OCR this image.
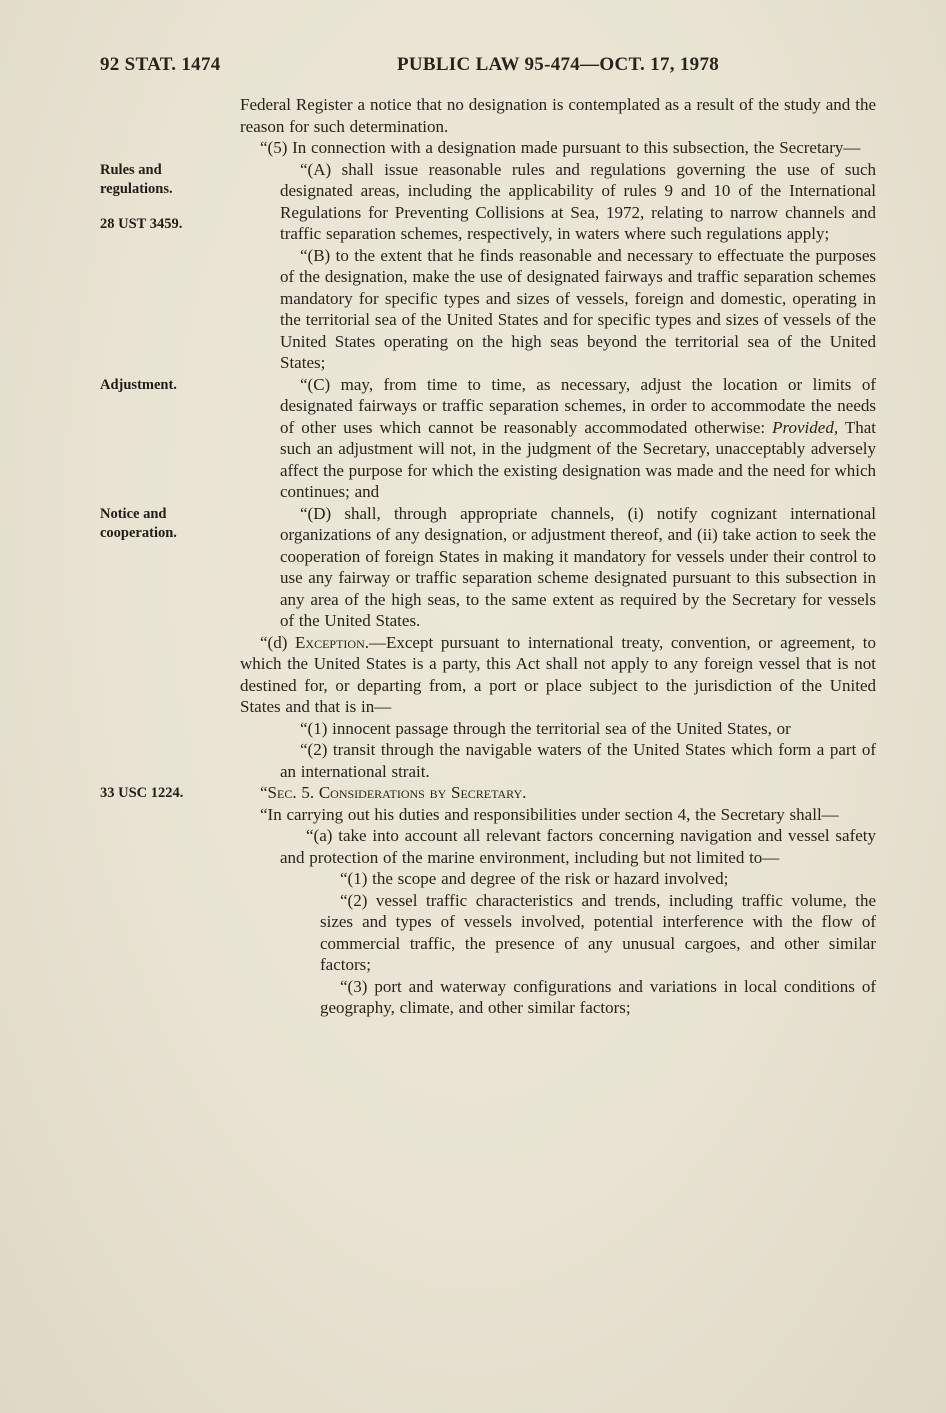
92 STAT. 1474	PUBLIC LAW 95-474—OCT. 17, 1978

Federal Register a notice that no designation is contemplated as a result of the study and the reason for such determination.

“(5) In connection with a designation made pursuant to this subsection, the Secretary—

Rules and regulations.

28 UST 3459.

“(A) shall issue reasonable rules and regulations governing the use of such designated areas, including the applicability of rules 9 and 10 of the International Regulations for Preventing Collisions at Sea, 1972, relating to narrow channels and traffic separation schemes, respectively, in waters where such regulations apply;

“(B) to the extent that he finds reasonable and necessary to effectuate the purposes of the designation, make the use of designated fairways and traffic separation schemes mandatory for specific types and sizes of vessels, foreign and domestic, operating in the territorial sea of the United States and for specific types and sizes of vessels of the United States operating on the high seas beyond the territorial sea of the United States;

Adjustment.	“(C) may, from time to time, as necessary, adjust the location or limits of designated fairways or traffic separation schemes, in order to accommodate the needs of other uses which cannot be reasonably accommodated otherwise: Provided, That such an adjustment will not, in the judgment of the Secretary, unacceptably adversely affect the purpose for which the existing designation was made and the need for which continues; and

Notice and cooperation.

“(D) shall, through appropriate channels, (i) notify cognizant international organizations of any designation, or adjustment thereof, and (ii) take action to seek the cooperation of foreign States in making it mandatory for vessels under their control to use any fairway or traffic separation scheme designated pursuant to this subsection in any area of the high seas, to the same extent as required by the Secretary for vessels of the United States.

“(d) Exception.—Except pursuant to international treaty, convention, or agreement, to which the United States is a party, this Act shall not apply to any foreign vessel that is not destined for, or departing from, a port or place subject to the jurisdiction of the United States and that is in—

“(1) innocent passage through the territorial sea of the United States, or

“(2) transit through the navigable waters of the United States which form a part of an international strait.

33 USC 1224.	“Sec. 5. Considerations by Secretary.

“In carrying out his duties and responsibilities under section 4, the Secretary shall—

“(a) take into account all relevant factors concerning navigation and vessel safety and protection of the marine environment, including but not limited to—

“(1) the scope and degree of the risk or hazard involved;

“(2) vessel traffic characteristics and trends, including traffic volume, the sizes and types of vessels involved, potential interference with the flow of commercial traffic, the presence of any unusual cargoes, and other similar factors;

“(3) port and waterway configurations and variations in local conditions of geography, climate, and other similar factors;
